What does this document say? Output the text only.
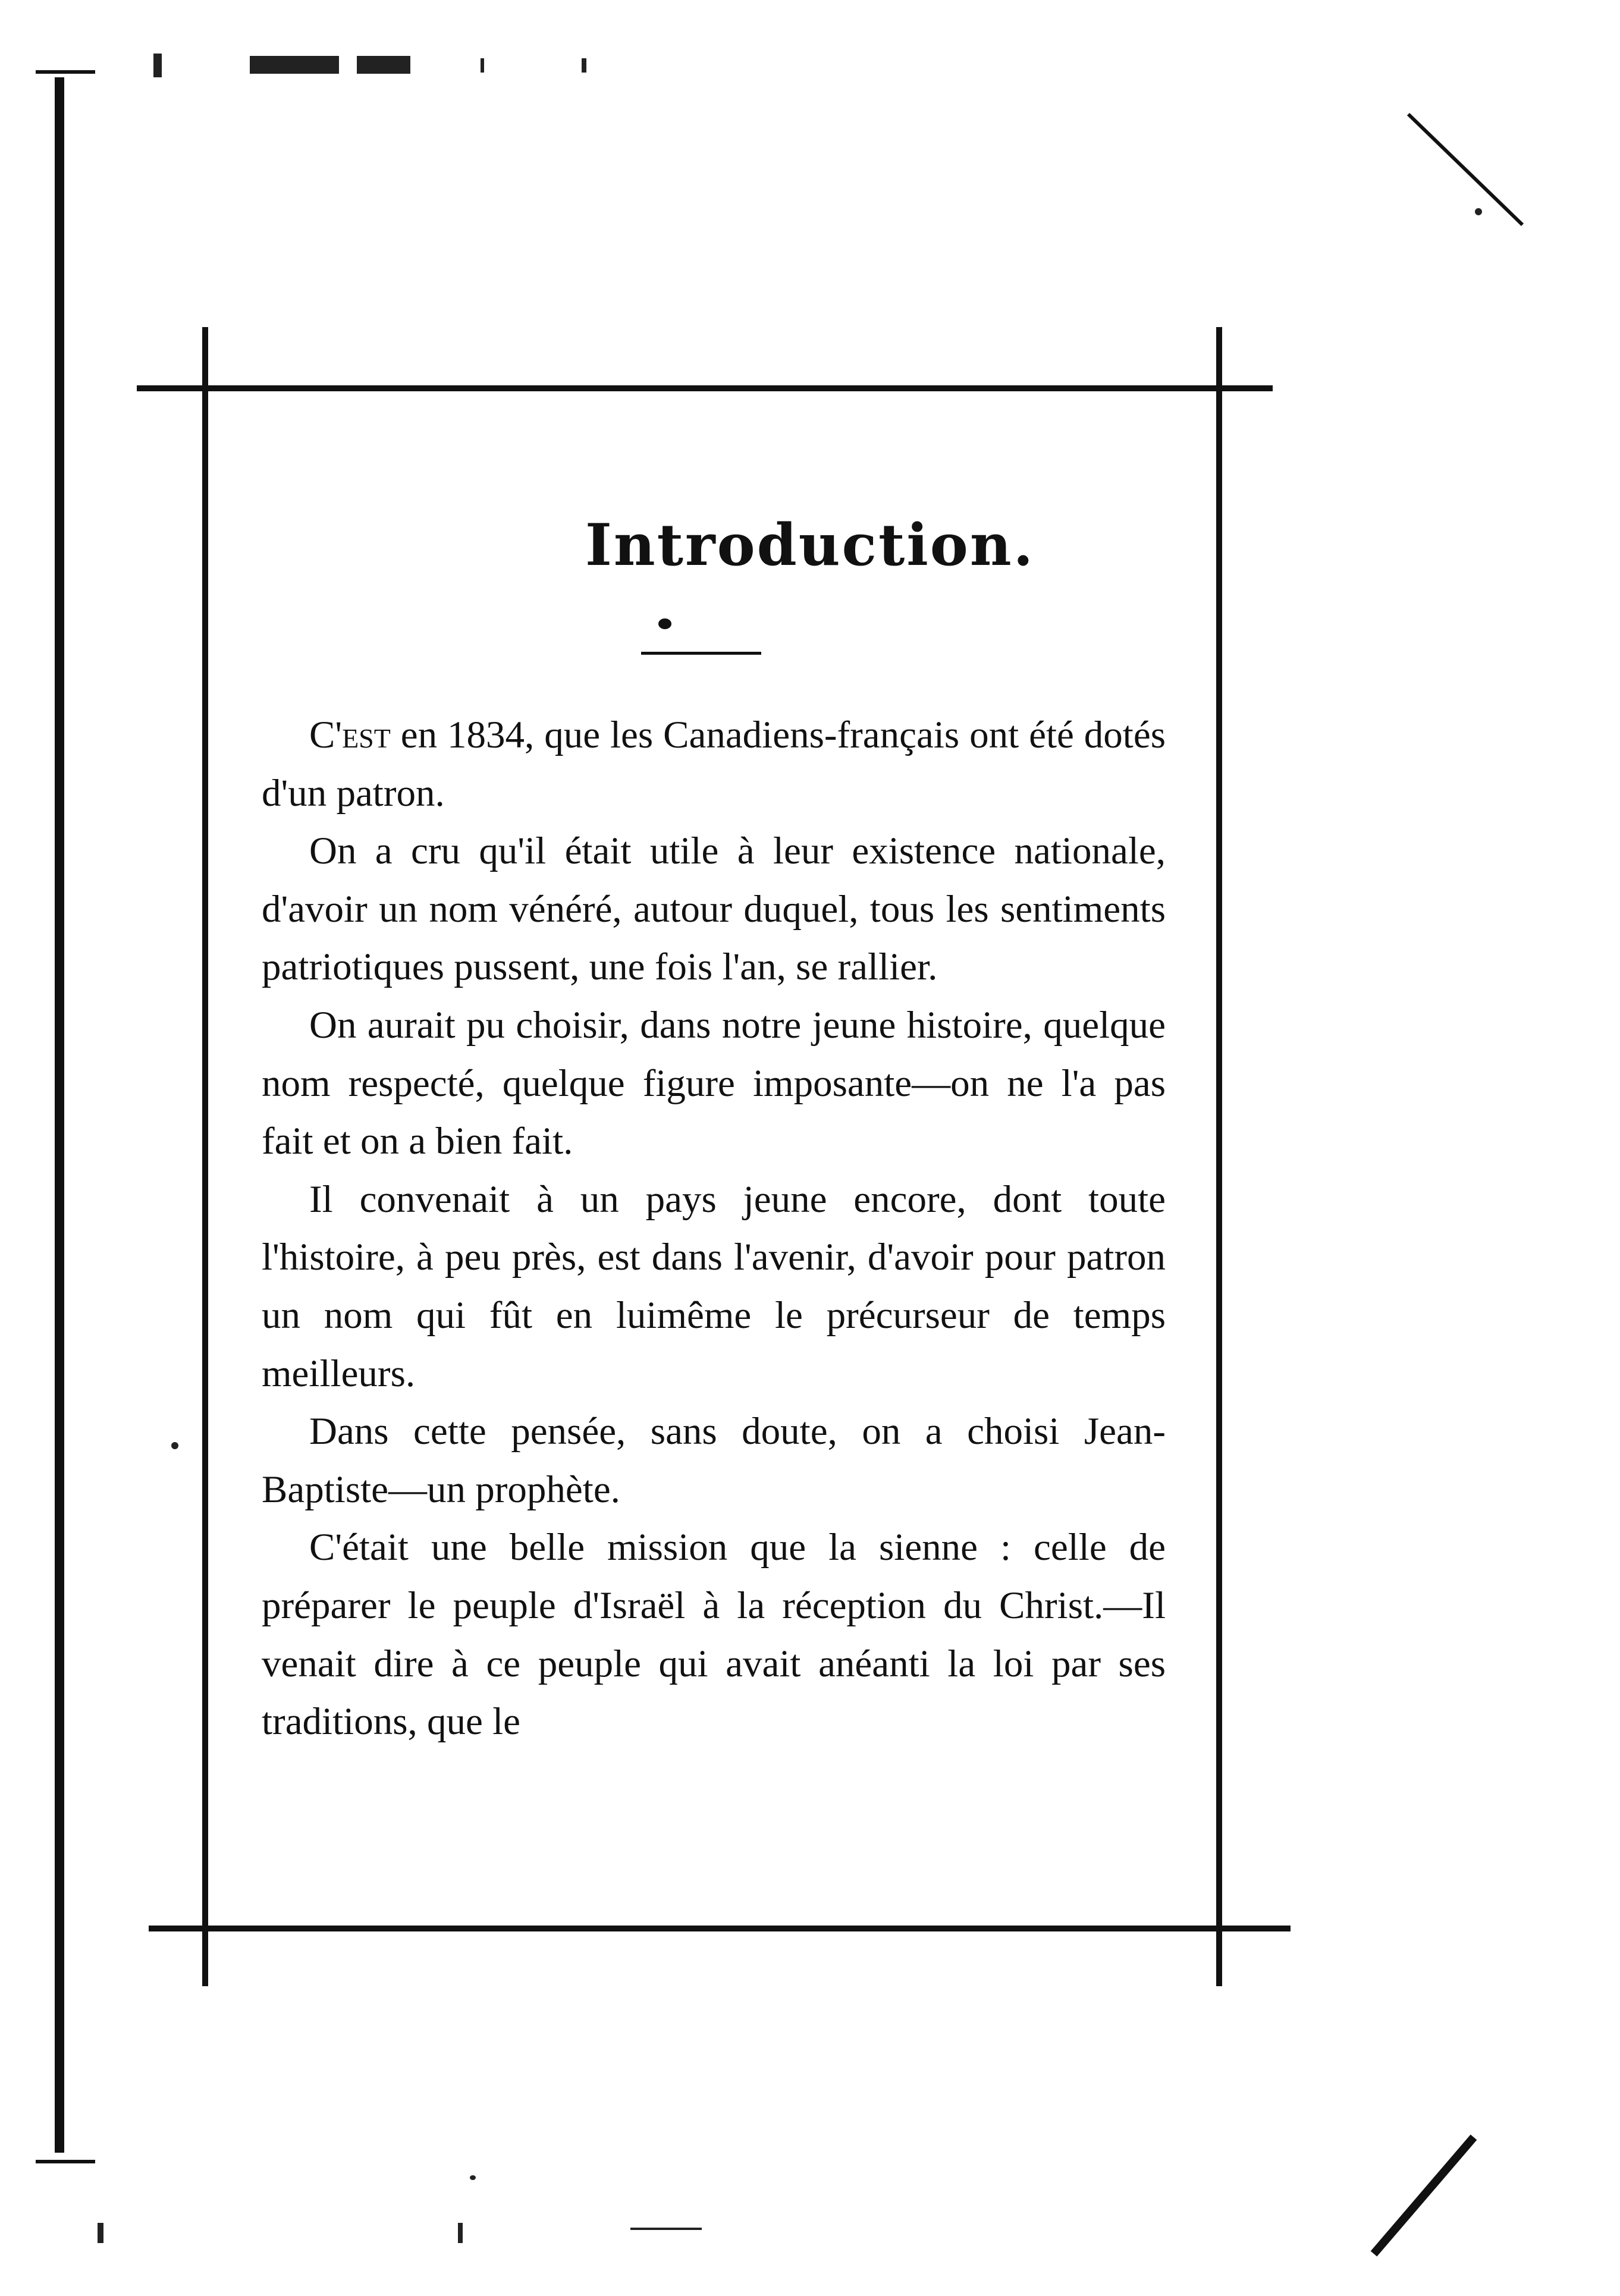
Introduction.

C'est en 1834, que les Canadiens-français ont été dotés d'un patron.

On a cru qu'il était utile à leur existence nationale, d'avoir un nom vénéré, autour duquel, tous les sentiments patriotiques pussent, une fois l'an, se rallier.

On aurait pu choisir, dans notre jeune histoire, quelque nom respecté, quelque figure imposante—on ne l'a pas fait et on a bien fait.

Il convenait à un pays jeune encore, dont toute l'histoire, à peu près, est dans l'avenir, d'avoir pour patron un nom qui fût en luimême le précurseur de temps meilleurs.

Dans cette pensée, sans doute, on a choisi Jean-Baptiste—un prophète.

C'était une belle mission que la sienne : celle de préparer le peuple d'Israël à la réception du Christ.—Il venait dire à ce peuple qui avait anéanti la loi par ses traditions, que le
